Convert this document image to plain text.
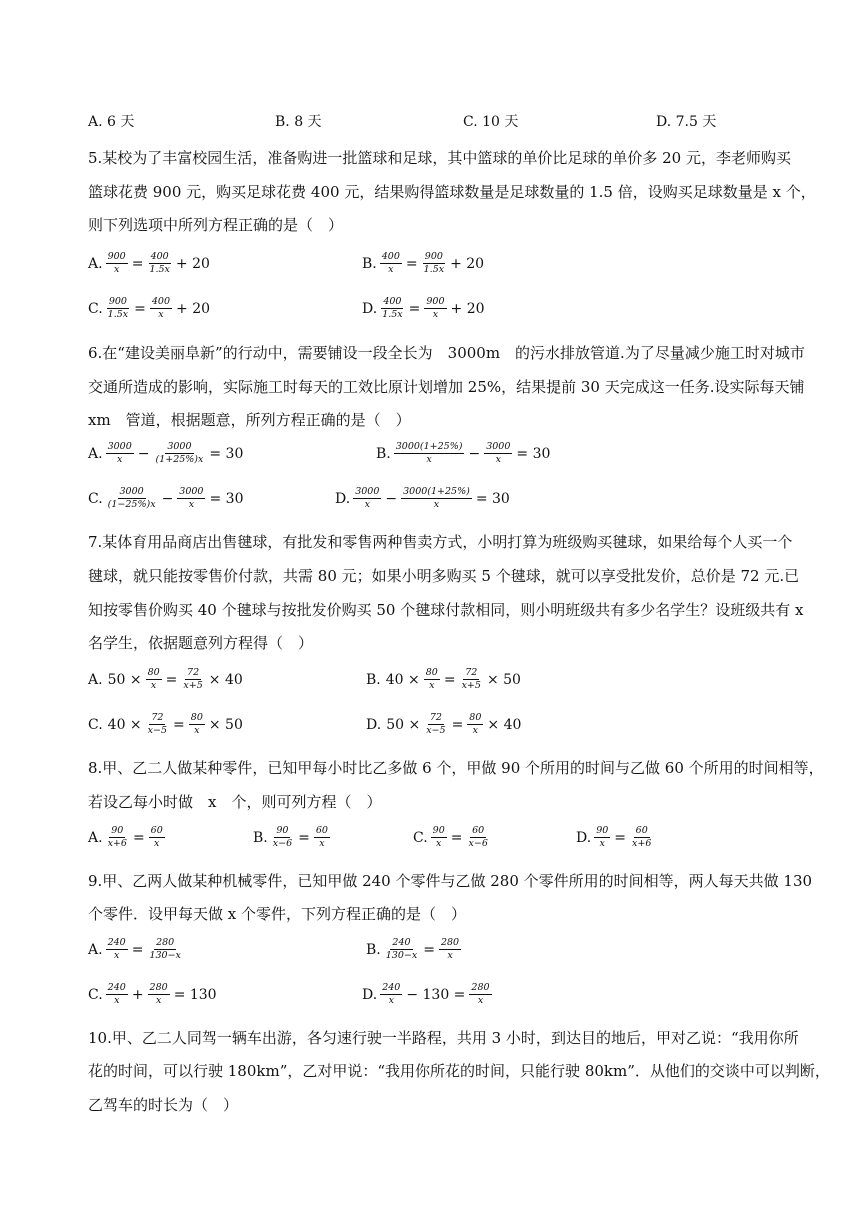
A. 6 天	B. 8 天	C. 10 天	D. 7.5 天
5.某校为了丰富校园生活，准备购进一批篮球和足球，其中篮球的单价比足球的单价多 20 元，李老师购买
篮球花费 900 元，购买足球花费 400 元，结果购得篮球数量是足球数量的 1.5 倍，设购买足球数量是 x 个，
则下列选项中所列方程正确的是（　）
A. $\frac{900}{x} = \frac{400}{1.5x} + 20$	B. $\frac{400}{x} = \frac{900}{1.5x} + 20$
C. $\frac{900}{1.5x} = \frac{400}{x} + 20$	D. $\frac{400}{1.5x} = \frac{900}{x} + 20$
6.在“建设美丽阜新”的行动中，需要铺设一段全长为　3000m　的污水排放管道.为了尽量减少施工时对城市
交通所造成的影响，实际施工时每天的工效比原计划增加 25%，结果提前 30 天完成这一任务.设实际每天铺
xm　管道，根据题意，所列方程正确的是（　）
A. $\frac{3000}{x} - \frac{3000}{(1+25\%)x} = 30$	B. $\frac{3000(1+25\%)}{x} - \frac{3000}{x} = 30$
C. $\frac{3000}{(1-25\%)x} - \frac{3000}{x} = 30$	D. $\frac{3000}{x} - \frac{3000(1+25\%)}{x} = 30$
7.某体育用品商店出售毽球，有批发和零售两种售卖方式，小明打算为班级购买毽球，如果给每个人买一个
毽球，就只能按零售价付款，共需 80 元；如果小明多购买 5 个毽球，就可以享受批发价，总价是 72 元.已
知按零售价购买 40 个毽球与按批发价购买 50 个毽球付款相同，则小明班级共有多少名学生？设班级共有 x
名学生，依据题意列方程得（　）
A. $50 \times \frac{80}{x} = \frac{72}{x+5} \times 40$	B. $40 \times \frac{80}{x} = \frac{72}{x+5} \times 50$
C. $40 \times \frac{72}{x-5} = \frac{80}{x} \times 50$	D. $50 \times \frac{72}{x-5} = \frac{80}{x} \times 40$
8.甲、乙二人做某种零件，已知甲每小时比乙多做 6 个，甲做 90 个所用的时间与乙做 60 个所用的时间相等，
若设乙每小时做　x　个，则可列方程（　）
A. $\frac{90}{x+6} = \frac{60}{x}$	B. $\frac{90}{x-6} = \frac{60}{x}$	C. $\frac{90}{x} = \frac{60}{x-6}$	D. $\frac{90}{x} = \frac{60}{x+6}$
9.甲、乙两人做某种机械零件，已知甲做 240 个零件与乙做 280 个零件所用的时间相等，两人每天共做 130
个零件．设甲每天做 x 个零件，下列方程正确的是（　）
A. $\frac{240}{x} = \frac{280}{130-x}$	B. $\frac{240}{130-x} = \frac{280}{x}$
C. $\frac{240}{x} + \frac{280}{x} = 130$	D. $\frac{240}{x} - 130 = \frac{280}{x}$
10.甲、乙二人同驾一辆车出游，各匀速行驶一半路程，共用 3 小时，到达目的地后，甲对乙说：“我用你所
花的时间，可以行驶 180km”，乙对甲说：“我用你所花的时间，只能行驶 80km”．从他们的交谈中可以判断，
乙驾车的时长为（　）
